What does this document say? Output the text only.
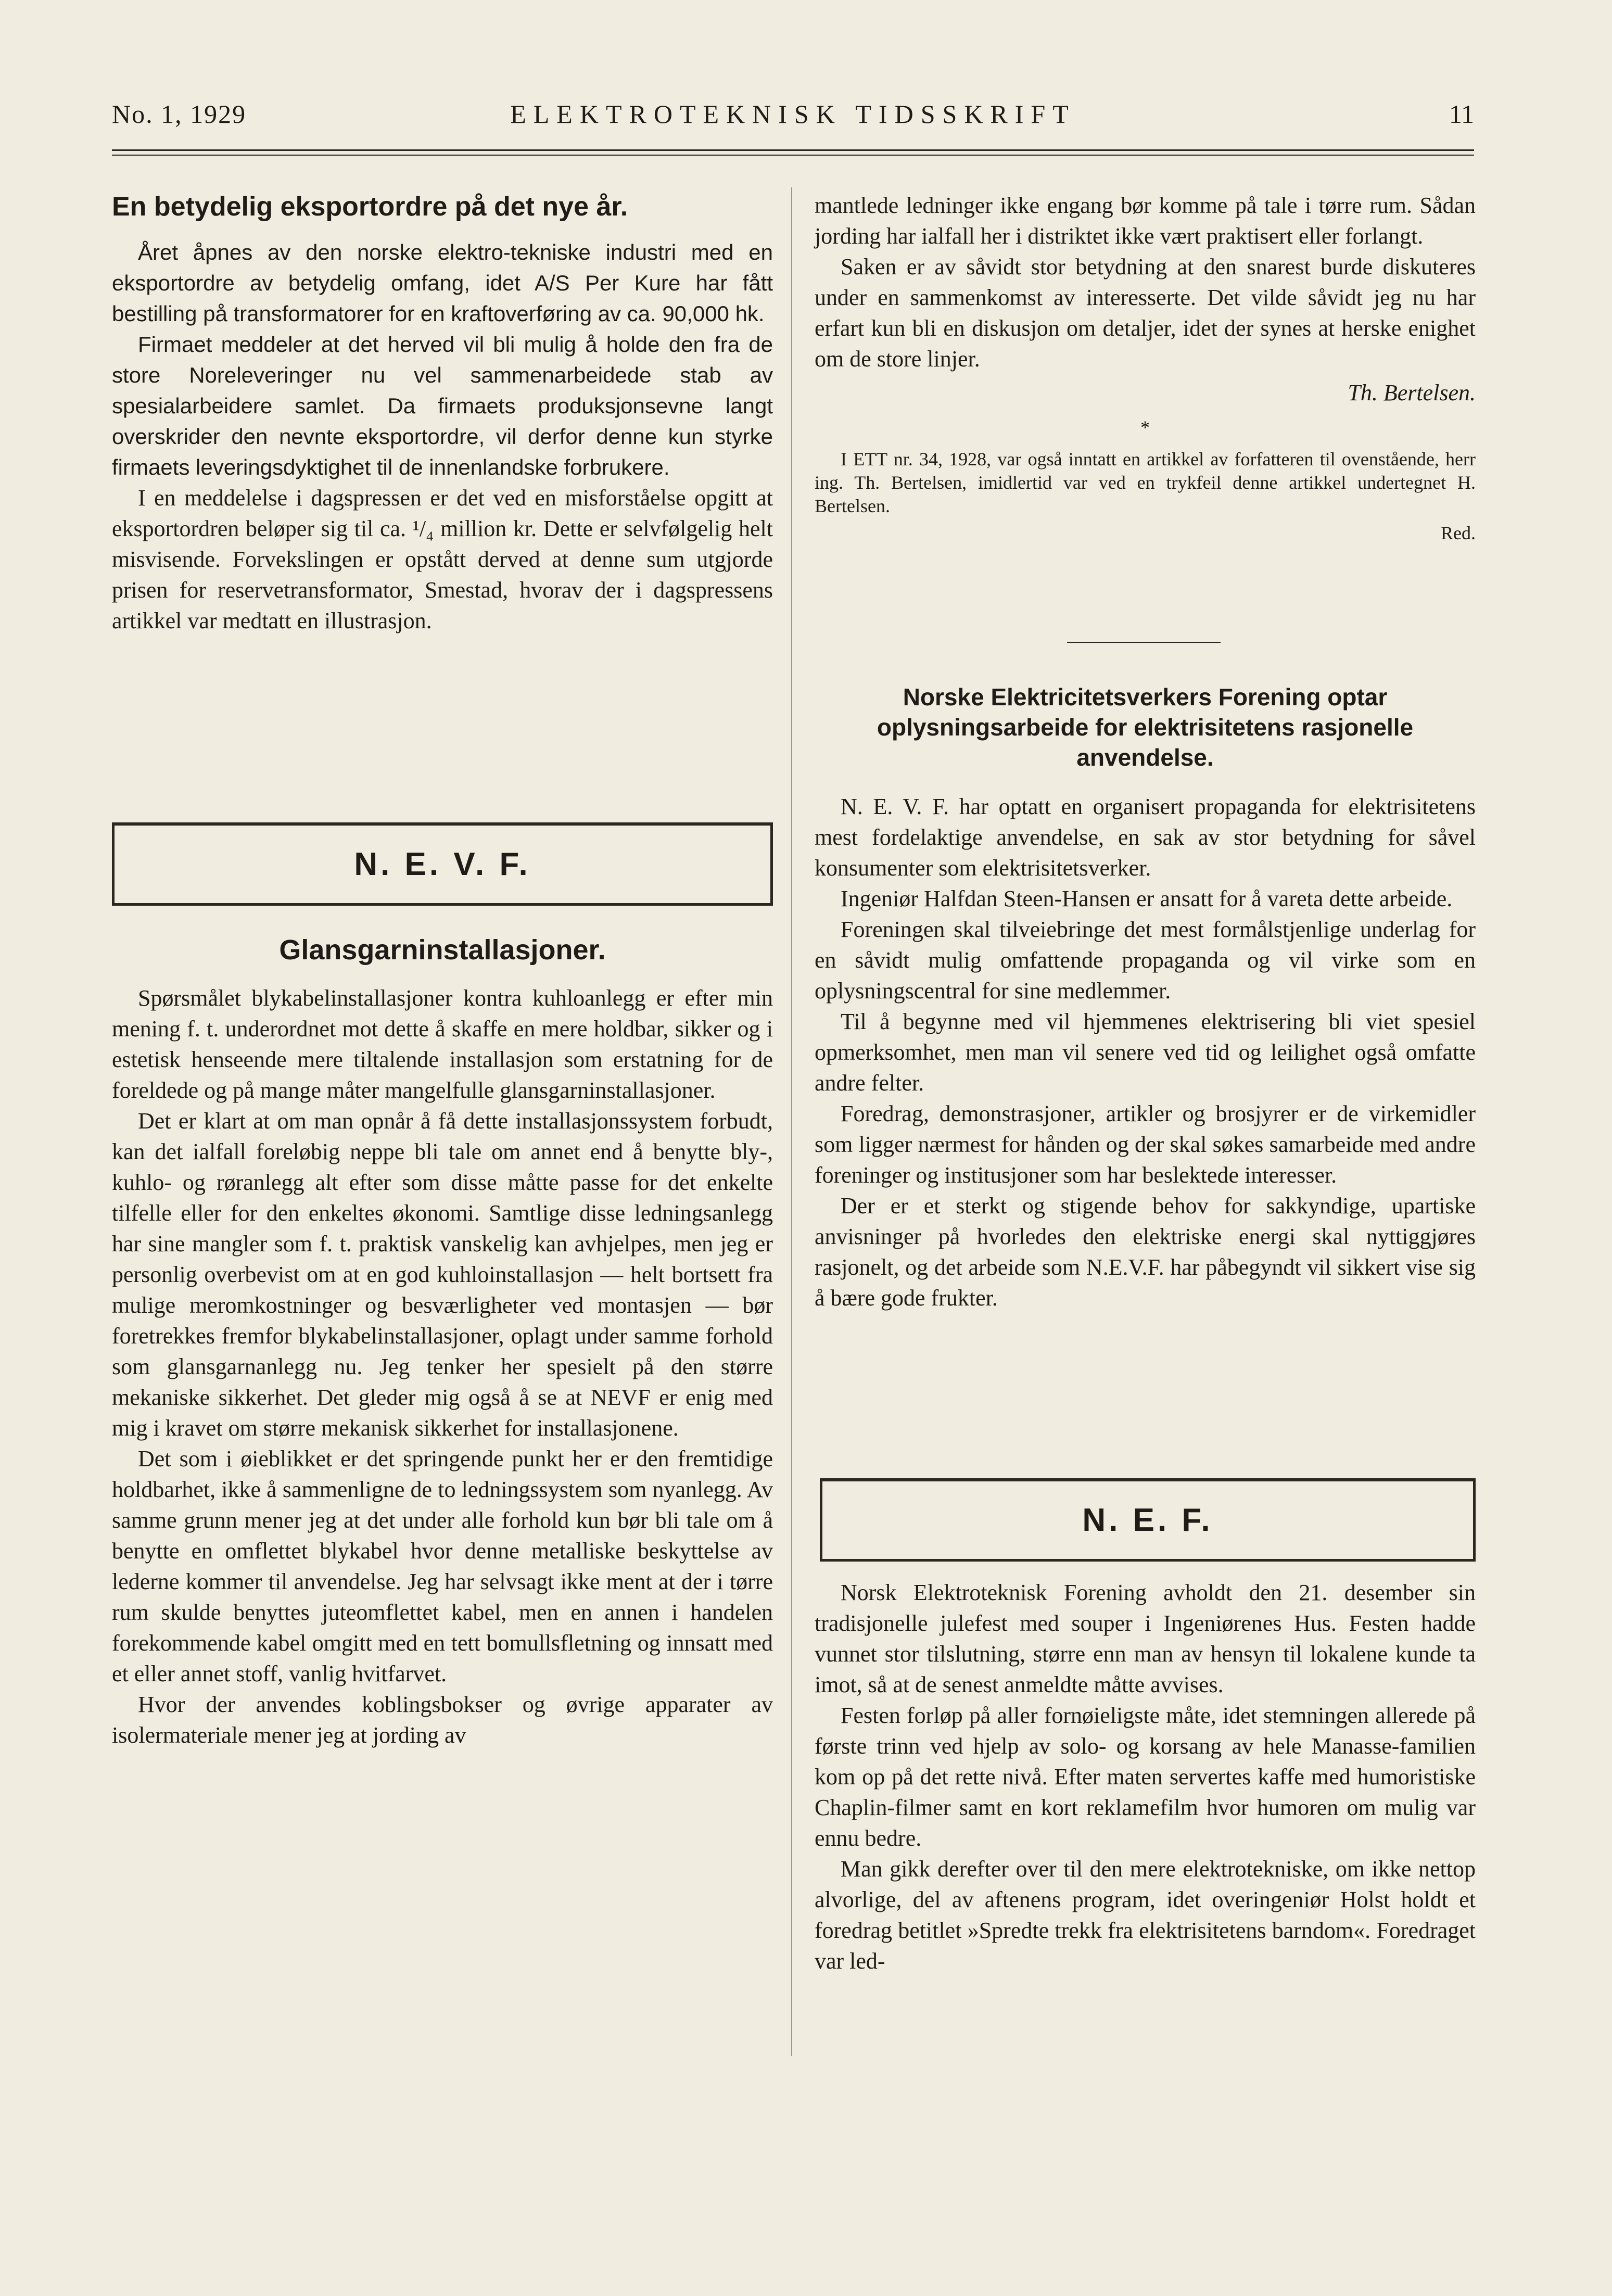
No. 1, 1929	ELEKTROTEKNISK TIDSSKRIFT	11
En betydelig eksportordre på det nye år.

Året åpnes av den norske elektro-tekniske industri med en eksportordre av betydelig omfang, idet A/S Per Kure har fått bestilling på transformatorer for en kraftoverføring av ca. 90,000 hk.

Firmaet meddeler at det herved vil bli mulig å holde den fra de store Noreleveringer nu vel sammenarbeidede stab av spesialarbeidere samlet. Da firmaets produksjonsevne langt overskrider den nevnte eksportordre, vil derfor denne kun styrke firmaets leveringsdyktighet til de innenlandske forbrukere.

I en meddelelse i dagspressen er det ved en misforståelse opgitt at eksportordren beløper sig til ca. ¹/₄ million kr. Dette er selvfølgelig helt misvisende. Forvekslingen er opstått derved at denne sum utgjorde prisen for reservetransformator, Smestad, hvorav der i dagspressens artikkel var medtatt en illustrasjon.

N. E. V. F.
Glansgarninstallasjoner.

Spørsmålet blykabelinstallasjoner kontra kuhloanlegg er efter min mening f. t. underordnet mot dette å skaffe en mere holdbar, sikker og i estetisk henseende mere tiltalende installasjon som erstatning for de foreldede og på mange måter mangelfulle glansgarninstallasjoner.

Det er klart at om man opnår å få dette installasjonssystem forbudt, kan det ialfall foreløbig neppe bli tale om annet end å benytte bly-, kuhlo- og røranlegg alt efter som disse måtte passe for det enkelte tilfelle eller for den enkeltes økonomi. Samtlige disse ledningsanlegg har sine mangler som f. t. praktisk vanskelig kan avhjelpes, men jeg er personlig overbevist om at en god kuhloinstallasjon — helt bortsett fra mulige meromkostninger og besværligheter ved montasjen — bør foretrekkes fremfor blykabelinstallasjoner, oplagt under samme forhold som glansgarnanlegg nu. Jeg tenker her spesielt på den større mekaniske sikkerhet. Det gleder mig også å se at NEVF er enig med mig i kravet om større mekanisk sikkerhet for installasjonene.

Det som i øieblikket er det springende punkt her er den fremtidige holdbarhet, ikke å sammenligne de to ledningssystem som nyanlegg. Av samme grunn mener jeg at det under alle forhold kun bør bli tale om å benytte en omflettet blykabel hvor denne metalliske beskyttelse av lederne kommer til anvendelse. Jeg har selvsagt ikke ment at der i tørre rum skulde benyttes juteomflettet kabel, men en annen i handelen forekommende kabel omgitt med en tett bomullsfletning og innsatt med et eller annet stoff, vanlig hvitfarvet.

Hvor der anvendes koblingsbokser og øvrige apparater av isolermateriale mener jeg at jording av

mantlede ledninger ikke engang bør komme på tale i tørre rum. Sådan jording har ialfall her i distriktet ikke vært praktisert eller forlangt.

Saken er av såvidt stor betydning at den snarest burde diskuteres under en sammenkomst av interesserte. Det vilde såvidt jeg nu har erfart kun bli en diskusjon om detaljer, idet der synes at herske enighet om de store linjer.

Th. Bertelsen.

*

I ETT nr. 34, 1928, var også inntatt en artikkel av forfatteren til ovenstående, herr ing. Th. Bertelsen, imidlertid var ved en trykfeil denne artikkel undertegnet H. Bertelsen.

Red.

Norske Elektricitetsverkers Forening optar oplysningsarbeide for elektrisitetens rasjonelle anvendelse.

N. E. V. F. har optatt en organisert propaganda for elektrisitetens mest fordelaktige anvendelse, en sak av stor betydning for såvel konsumenter som elektrisitetsverker.

Ingeniør Halfdan Steen-Hansen er ansatt for å vareta dette arbeide.

Foreningen skal tilveiebringe det mest formålstjenlige underlag for en såvidt mulig omfattende propaganda og vil virke som en oplysningscentral for sine medlemmer.

Til å begynne med vil hjemmenes elektrisering bli viet spesiel opmerksomhet, men man vil senere ved tid og leilighet også omfatte andre felter.

Foredrag, demonstrasjoner, artikler og brosjyrer er de virkemidler som ligger nærmest for hånden og der skal søkes samarbeide med andre foreninger og institusjoner som har beslektede interesser.

Der er et sterkt og stigende behov for sakkyndige, upartiske anvisninger på hvorledes den elektriske energi skal nyttiggjøres rasjonelt, og det arbeide som N.E.V.F. har påbegyndt vil sikkert vise sig å bære gode frukter.

N. E. F.

Norsk Elektroteknisk Forening avholdt den 21. desember sin tradisjonelle julefest med souper i Ingeniørenes Hus. Festen hadde vunnet stor tilslutning, større enn man av hensyn til lokalene kunde ta imot, så at de senest anmeldte måtte avvises.

Festen forløp på aller fornøieligste måte, idet stemningen allerede på første trinn ved hjelp av solo- og korsang av hele Manasse-familien kom op på det rette nivå. Efter maten servertes kaffe med humoristiske Chaplin-filmer samt en kort reklamefilm hvor humoren om mulig var ennu bedre.

Man gikk derefter over til den mere elektrotekniske, om ikke nettop alvorlige, del av aftenens program, idet overingeniør Holst holdt et foredrag betitlet »Spredte trekk fra elektrisitetens barndom«. Foredraget var led-
